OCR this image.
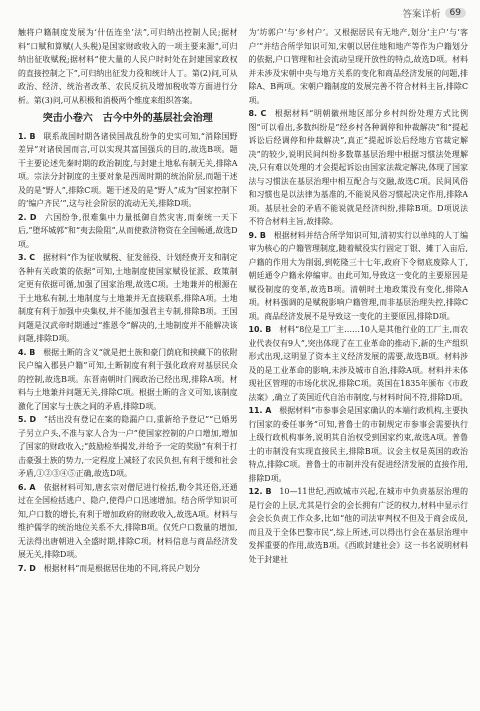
答案详析	69

触将户籍制度发展为‘什伍连坐’法”,可归纳出控制人民;据材料“口赋和算赋(人头税)是国家财政收入的一项主要来源”,可归纳出征收赋税;据材料“使大量的人民户时时处在封建国家政权的直接控制之下”,可归纳出征发力役和统计人丁。第(2)问,可从政治、经济、统治者改革、农民反抗及增加税收等方面进行分析。第(3)问,可从积极和消极两个维度来组织答案。

突击小卷六　古今中外的基层社会治理

1. B  联系战国时期各诸侯国战乱纷争的史实可知,“消除国野差异”对诸侯国而言,可以实现其富国强兵的目的,故选B项。题干主要论述先秦时期的政治制度,与封建土地私有制无关,排除A项。宗法分封制度的主要对象是西周时期的统治阶层,而题干述及的是“野人”,排除C项。题干述及的是“野人”成为“国家控制下的‘编户齐民’”,这与社会阶层的流动无关,排除D项。

2. D  六国纷争,很难集中力量抵御自然灾害,而秦统一天下后,“堕坏城郭”和“夷去险阻”,从而使救济物资在全国畅通,故选D项。

3. C  据材料“作为征收赋税、征发徭役、计划经费开支和制定各种有关政策的依据”可知,土地制度使国家赋役征派、政策制定更有依据可循,加强了国家治理,故选C项。土地兼并的根源在于土地私有制,土地制度与土地兼并无直接联系,排除A项。土地制度有利于加强中央集权,并不能加强君主专制,排除B项。王国问题是汉武帝时期通过“推恩令”解决的,土地制度并不能解决该问题,排除D项。

4. B  根据土断的含义“就是把土族和豪门荫庇和挟藏下的依附民户编入郡县户籍”可知,土断制度有利于强化政府对基层民众的控制,故选B项。东晋南朝时门阀政治已经出现,排除A项。材料与土地兼并问题无关,排除C项。根据土断的含义可知,该制度激化了国家与士族之间的矛盾,排除D项。

5. D  “括出没有登记在案的隐漏户口,重新给予登记”“已婚男子另立户头,不准与家人合为一户”使国家控制的户口增加,增加了国家的财政收入;“鼓励检举揭发,并给予一定的奖励”有利于打击豪强士族的势力,一定程度上减轻了农民负担,有利于缓和社会矛盾,①②③④⑤正确,故选D项。

6. A  依据材料可知,唐玄宗对僧尼进行检括,勒令其还俗,还通过在全国检括逃户、隐户,使得户口迅速增加。结合所学知识可知,户口数的增长,有利于增加政府的财政收入,故选A项。材料与维护儒学的统治地位关系不大,排除B项。仅凭户口数量的增加,无法得出唐朝进入全盛时期,排除C项。材料信息与商品经济发展无关,排除D项。

7. D  根据材料“而是根据居住地的不同,将民户划分

为‘坊郭户’与‘乡村户’。又根据居民有无地产,划分‘主户’与‘客户’”并结合所学知识可知,宋朝以居住地和地产等作为户籍划分的依据,户口管理和社会流动呈现开放性的特点,故选D项。材料并未涉及宋朝中央与地方关系的变化和商品经济发展的问题,排除A、B两项。宋朝户籍制度的发展完善不符合材料主旨,排除C项。

8. C  根据材料“明朝徽州地区部分乡村纠纷处理方式比例图”可以看出,多数纠纷是“经乡村各种调停和仲裁解决”和“提起诉讼后经调停和仲裁解决”,真正“提起诉讼后经地方官裁定解决”的较少,说明民间纠纷多数靠基层治理中根据习惯法处理解决,只有难以处理的才会提起诉讼由国家法裁定解决,体现了国家法与习惯法在基层治理中相互配合与交融,故选C项。民间风俗和习惯也是以法律为基准的,不能说风俗习惯起决定作用,排除A项。基层社会的矛盾不能说就是经济纠纷,排除B项。D项说法不符合材料主旨,故排除。

9. B  根据材料并结合所学知识可知,清初实行以单纯的人丁编审为核心的户籍管理制度,随着赋役实行固定丁银、摊丁入亩后,户籍的作用大为削弱,到乾隆三十七年,政府下令彻底废除人丁,朝廷通令户籍永停编审。由此可知,导致这一变化的主要原因是赋役制度的变革,故选B项。清朝时土地政策没有变化,排除A项。材料强调的是赋税影响户籍管理,而非基层治理失控,排除C项。商品经济发展不是导致这一变化的主要原因,排除D项。

10. B  材料“8位是工厂主……10人是其他行业的工厂主,而农业代表仅有9人”,突出体现了在工业革命的推动下,新的生产组织形式出现,这明显了资本主义经济发展的需要,故选B项。材料涉及的是工业革命的影响,未涉及城市自治,排除A项。材料并未体现社区管理的市场化状况,排除C项。英国在1835年颁布《市政法案》,确立了英国近代自治市制度,与材料时间不符,排除D项。

11. A  根据材料“市参事会是国家确认的本端行政机构,主要执行国家的委任事务”可知,普鲁士的市制规定市参事会需要执行上级行政机构事务,说明其自治权受到国家约束,故选A项。普鲁士的市制没有实现直接民主,排除B项。议会主权是英国的政治特点,排除C项。普鲁士的市制并没有促进经济发展的直接作用,排除D项。

12. B  10—11世纪,西欧城市兴起,在城市中负责基层治理的是行会的上层,尤其是行会的会长拥有广泛的权力,材料中显示行会会长负责工作众多,比如“他的司法审判权不但及于商会成员,而且及于全体巴黎市民”,综上所述,可以得出行会在基层治理中发挥重要的作用,故选B项。《西欧封建社会》这一书名说明材料处于封建社
